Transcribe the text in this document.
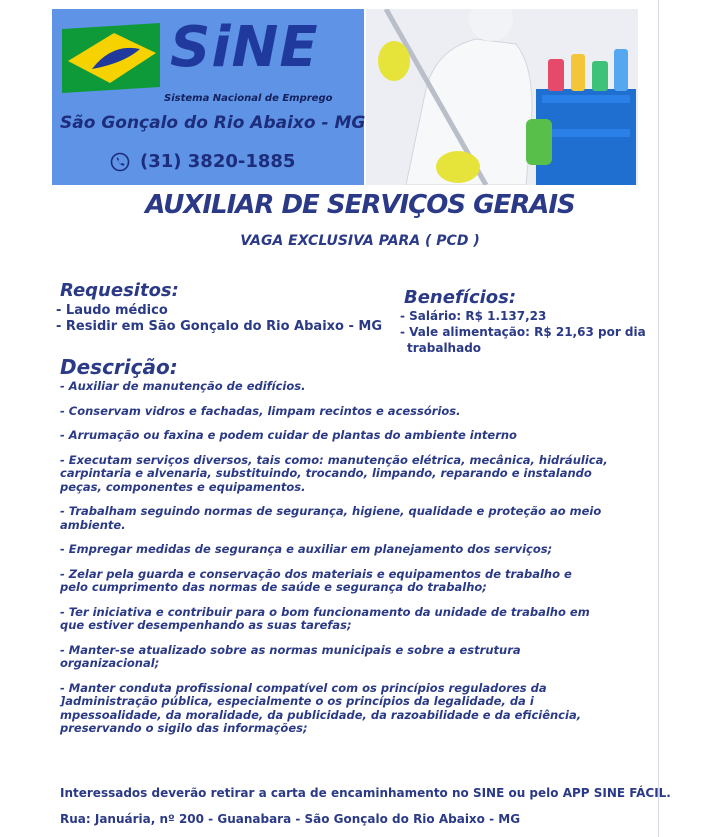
SiNE
Sistema Nacional de Emprego
São Gonçalo do Rio Abaixo - MG
(31) 3820-1885
AUXILIAR DE SERVIÇOS GERAIS
VAGA EXCLUSIVA PARA ( PCD )
Requesitos:
- Laudo médico
- Residir em São Gonçalo do Rio Abaixo - MG
Benefícios:
- Salário: R$ 1.137,23
- Vale alimentação: R$ 21,63 por dia
trabalhado
Descrição:

- Auxiliar de manutenção de edifícios.

- Conservam vidros e fachadas, limpam recintos e acessórios.

- Arrumação ou faxina e podem cuidar de plantas do ambiente interno

- Executam serviços diversos, tais como: manutenção elétrica, mecânica, hidráulica,
carpintaria e alvenaria, substituindo, trocando, limpando, reparando e instalando
peças, componentes e equipamentos.

- Trabalham seguindo normas de segurança, higiene, qualidade e proteção ao meio
ambiente.

- Empregar medidas de segurança e auxiliar em planejamento dos serviços;

- Zelar pela guarda e conservação dos materiais e equipamentos de trabalho e
pelo cumprimento das normas de saúde e segurança do trabalho;

- Ter iniciativa e contribuir para o bom funcionamento da unidade de trabalho em
que estiver desempenhando as suas tarefas;

- Manter-se atualizado sobre as normas municipais e sobre a estrutura
organizacional;

- Manter conduta profissional compatível com os princípios reguladores da
]administração pública, especialmente o os princípios da legalidade, da i
mpessoalidade, da moralidade, da publicidade, da razoabilidade e da eficiência,
preservando o sigilo das informações;

Interessados deverão retirar a carta de encaminhamento no SINE ou pelo APP SINE FÁCIL.
Rua: Januária, nº 200 - Guanabara - São Gonçalo do Rio Abaixo - MG
